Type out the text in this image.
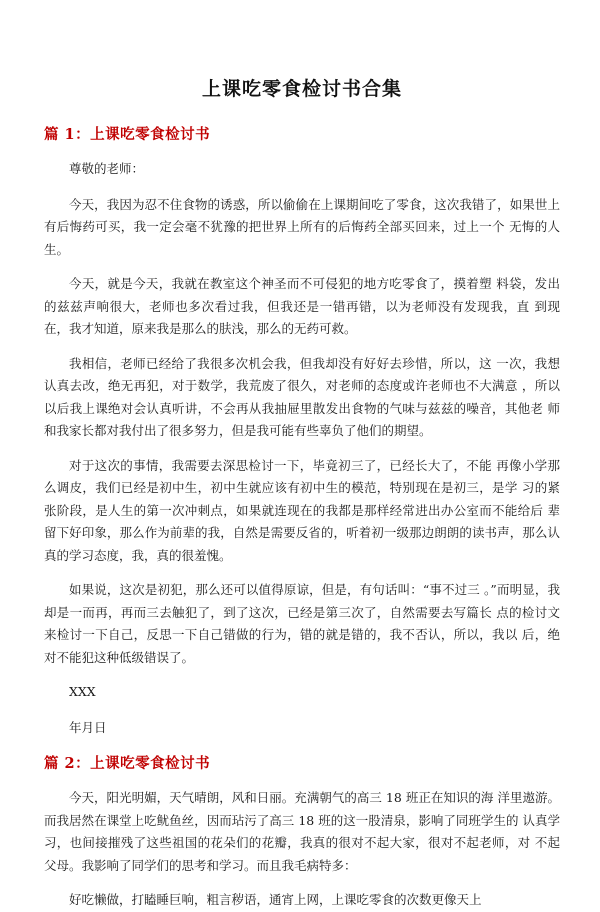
上课吃零食检讨书合集
篇 1：上课吃零食检讨书

尊敬的老师：

今天，我因为忍不住食物的诱惑，所以偷偷在上课期间吃了零食，这次我错了，如果世上有后悔药可买，我一定会毫不犹豫的把世界上所有的后悔药全部买回来，过上一个 无悔的人生。

今天，就是今天，我就在教室这个神圣而不可侵犯的地方吃零食了，摸着塑 料袋，发出的兹兹声响很大，老师也多次看过我，但我还是一错再错，以为老师没有发现我，直 到现在，我才知道，原来我是那么的肤浅，那么的无药可救。

我相信，老师已经给了我很多次机会我，但我却没有好好去珍惜，所以，这 一次，我想认真去改，绝无再犯，对于数学，我荒废了很久，对老师的态度或许老师也不大满意 ，所以以后我上课绝对会认真听讲，不会再从我抽屉里散发出食物的气味与兹兹的噪音，其他老 师和我家长都对我付出了很多努力，但是我可能有些辜负了他们的期望。

对于这次的事情，我需要去深思检讨一下，毕竟初三了，已经长大了，不能 再像小学那么调皮，我们已经是初中生，初中生就应该有初中生的模范，特别现在是初三，是学 习的紧张阶段，是人生的第一次冲刺点，如果就连现在的我都是那样经常进出办公室而不能给后 辈留下好印象，那么作为前辈的我，自然是需要反省的，听着初一级那边朗朗的读书声，那么认 真的学习态度，我，真的很羞愧。

如果说，这次是初犯，那么还可以值得原谅，但是，有句话叫：“事不过三 。”而明显，我却是一而再，再而三去触犯了，到了这次，已经是第三次了，自然需要去写篇长 点的检讨文来检讨一下自己，反思一下自己错做的行为，错的就是错的，我不否认，所以，我以 后，绝对不能犯这种低级错误了。

XXX

年月日

篇 2：上课吃零食检讨书

今天，阳光明媚，天气晴朗，风和日丽。充满朝气的高三 18 班正在知识的海 洋里遨游。而我居然在课堂上吃鱿鱼丝，因而玷污了高三 18 班的这一股清泉，影响了同班学生的 认真学习，也间接摧残了这些祖国的花朵们的花瓣，我真的很对不起大家，很对不起老师，对 不起父母。我影响了同学们的思考和学习。而且我毛病特多：

好吃懒做，打瞌睡巨响，粗言秽语，通宵上网，上课吃零食的次数更像天上
